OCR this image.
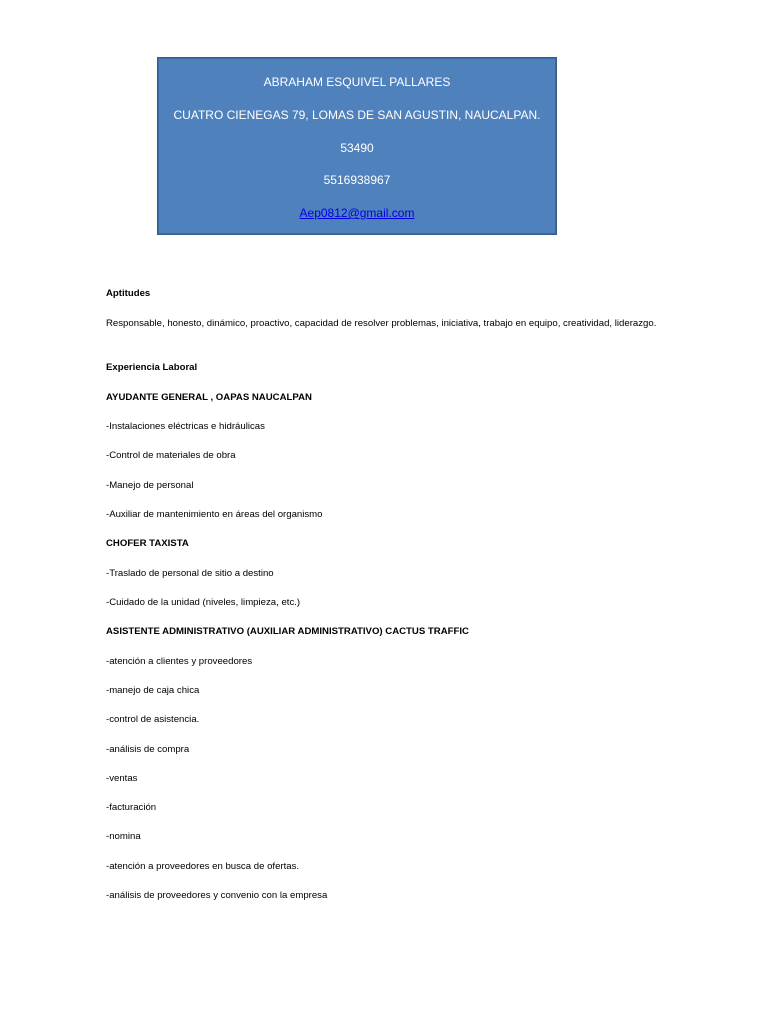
ABRAHAM ESQUIVEL PALLARES
CUATRO CIENEGAS 79, LOMAS DE SAN AGUSTIN, NAUCALPAN.
53490
5516938967
Aep0812@gmail.com
Aptitudes
Responsable, honesto, dinámico, proactivo, capacidad de resolver problemas, iniciativa, trabajo en equipo, creatividad, liderazgo.
Experiencia Laboral
AYUDANTE GENERAL , OAPAS NAUCALPAN
-Instalaciones eléctricas e hidráulicas
-Control de materiales de obra
-Manejo de personal
-Auxiliar de mantenimiento en áreas del organismo
CHOFER TAXISTA
-Traslado de personal de sitio a destino
-Cuidado de la unidad (niveles, limpieza, etc.)
ASISTENTE ADMINISTRATIVO (AUXILIAR ADMINISTRATIVO) CACTUS TRAFFIC
-atención a clientes y proveedores
-manejo de caja chica
-control de asistencia.
-análisis de compra
-ventas
-facturación
-nomina
-atención a proveedores en busca de ofertas.
-análisis de proveedores y convenio con la empresa
